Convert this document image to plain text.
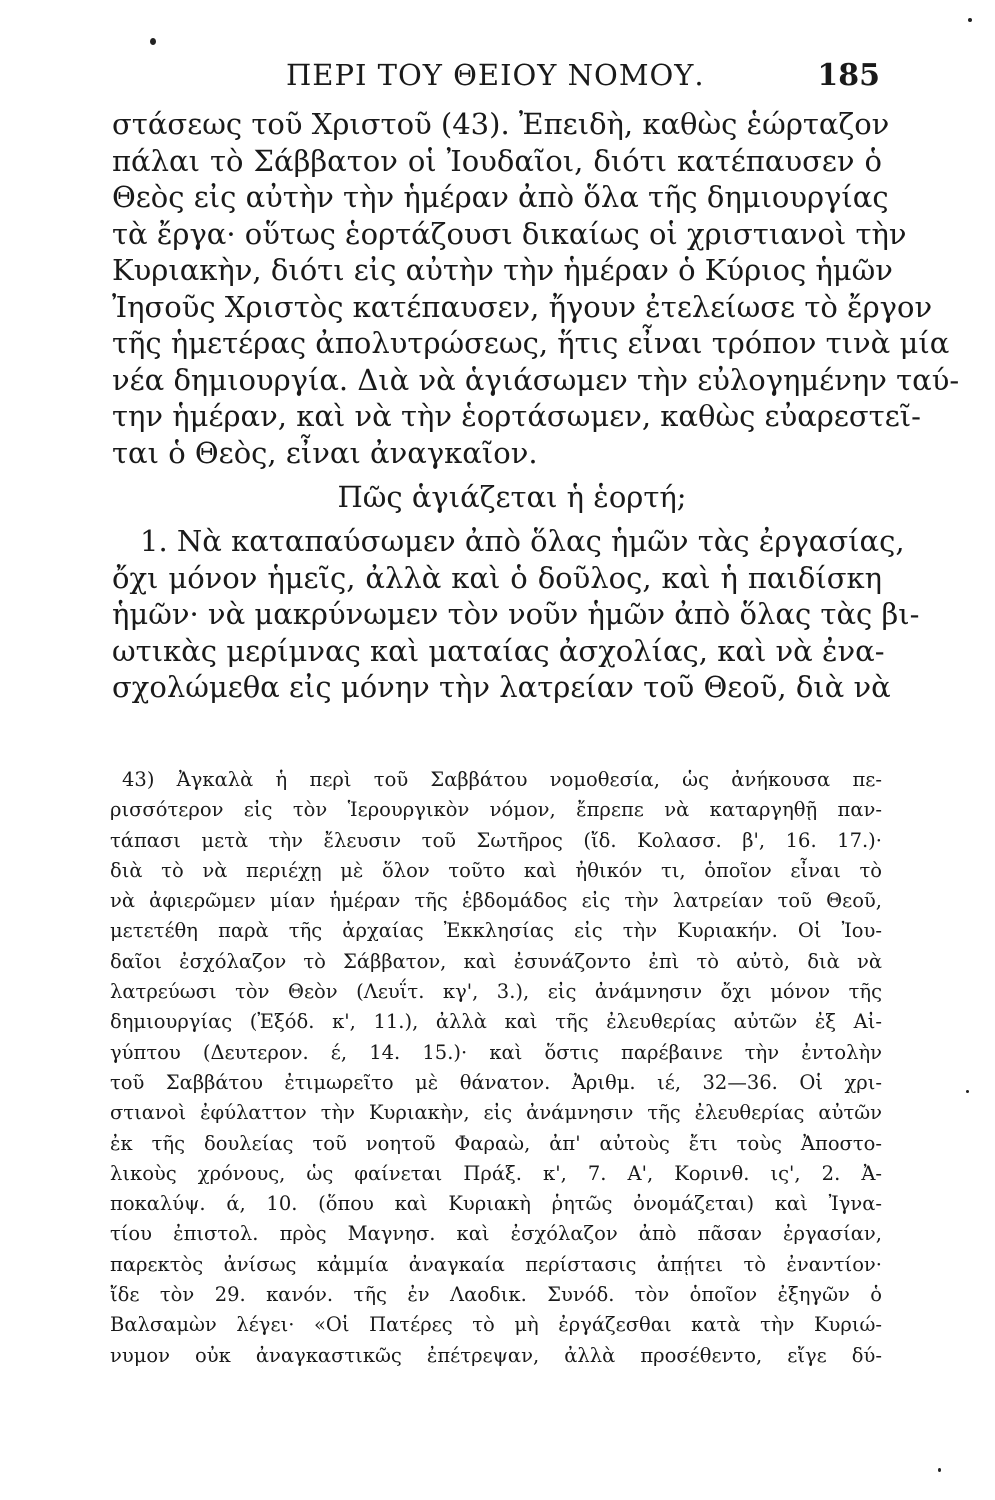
ΠΕΡΙ ΤΟΥ ΘΕΙΟΥ ΝΟΜΟΥ.	185
στάσεως τοῦ Χριστοῦ (43). Ἐπειδὴ, καθὼς ἑώρταζον
πάλαι τὸ Σάββατον οἱ Ἰουδαῖοι, διότι κατέπαυσεν ὁ
Θεὸς εἰς αὐτὴν τὴν ἡμέραν ἀπὸ ὅλα τῆς δημιουργίας
τὰ ἔργα· οὕτως ἑορτάζουσι δικαίως οἱ χριστιανοὶ τὴν
Κυριακὴν, διότι εἰς αὐτὴν τὴν ἡμέραν ὁ Κύριος ἡμῶν
Ἰησοῦς Χριστὸς κατέπαυσεν, ἤγουν ἐτελείωσε τὸ ἔργον
τῆς ἡμετέρας ἀπολυτρώσεως, ἥτις εἶναι τρόπον τινὰ μία
νέα δημιουργία. Διὰ νὰ ἁγιάσωμεν τὴν εὐλογημένην ταύ-
την ἡμέραν, καὶ νὰ τὴν ἑορτάσωμεν, καθὼς εὐαρεστεῖ-
ται ὁ Θεὸς, εἶναι ἀναγκαῖον.
Πῶς ἁγιάζεται ἡ ἑορτή;
1. Νὰ καταπαύσωμεν ἀπὸ ὅλας ἡμῶν τὰς ἐργασίας,
ὄχι μόνον ἡμεῖς, ἀλλὰ καὶ ὁ δοῦλος, καὶ ἡ παιδίσκη
ἡμῶν· νὰ μακρύνωμεν τὸν νοῦν ἡμῶν ἀπὸ ὅλας τὰς βι-
ωτικὰς μερίμνας καὶ ματαίας ἀσχολίας, καὶ νὰ ἐνα-
σχολώμεθα εἰς μόνην τὴν λατρείαν τοῦ Θεοῦ, διὰ νὰ
43) Ἀγκαλὰ ἡ περὶ τοῦ Σαββάτου νομοθεσία, ὡς ἀνήκουσα πε-
ρισσότερον εἰς τὸν Ἱερουργικὸν νόμον, ἔπρεπε νὰ καταργηθῇ παν-
τάπασι μετὰ τὴν ἔλευσιν τοῦ Σωτῆρος (ἴδ. Κολασσ. β', 16. 17.)·
διὰ τὸ νὰ περιέχῃ μὲ ὅλον τοῦτο καὶ ἠθικόν τι, ὁποῖον εἶναι τὸ
νὰ ἀφιερῶμεν μίαν ἡμέραν τῆς ἑβδομάδος εἰς τὴν λατρείαν τοῦ Θεοῦ,
μετετέθη παρὰ τῆς ἀρχαίας Ἐκκλησίας εἰς τὴν Κυριακήν. Οἱ Ἰου-
δαῖοι ἐσχόλαζον τὸ Σάββατον, καὶ ἐσυνάζοντο ἐπὶ τὸ αὐτὸ, διὰ νὰ
λατρεύωσι τὸν Θεὸν (Λευΐτ. κγ', 3.), εἰς ἀνάμνησιν ὄχι μόνον τῆς
δημιουργίας (Ἐξόδ. κ', 11.), ἀλλὰ καὶ τῆς ἐλευθερίας αὐτῶν ἐξ Αἰ-
γύπτου (Δευτερον. έ, 14. 15.)· καὶ ὅστις παρέβαινε τὴν ἐντολὴν
τοῦ Σαββάτου ἐτιμωρεῖτο μὲ θάνατον. Ἀριθμ. ιέ, 32—36. Οἱ χρι-
στιανοὶ ἐφύλαττον τὴν Κυριακὴν, εἰς ἀνάμνησιν τῆς ἐλευθερίας αὐτῶν
ἐκ τῆς δουλείας τοῦ νοητοῦ Φαραὼ, ἀπ' αὐτοὺς ἔτι τοὺς Ἀποστο-
λικοὺς χρόνους, ὡς φαίνεται Πράξ. κ', 7. Α', Κορινθ. ις', 2. Ἀ-
ποκαλύψ. ά, 10. (ὅπου καὶ Κυριακὴ ῥητῶς ὀνομάζεται) καὶ Ἰγνα-
τίου ἐπιστολ. πρὸς Μαγνησ. καὶ ἐσχόλαζον ἀπὸ πᾶσαν ἐργασίαν,
παρεκτὸς ἀνίσως κἀμμία ἀναγκαία περίστασις ἀπῄτει τὸ ἐναντίον·
ἴδε τὸν 29. κανόν. τῆς ἐν Λαοδικ. Συνόδ. τὸν ὁποῖον ἐξηγῶν ὁ
Βαλσαμὼν λέγει· «Οἱ Πατέρες τὸ μὴ ἐργάζεσθαι κατὰ τὴν Κυριώ-
νυμον οὐκ ἀναγκαστικῶς ἐπέτρεψαν, ἀλλὰ προσέθεντο, εἴγε δύ-
